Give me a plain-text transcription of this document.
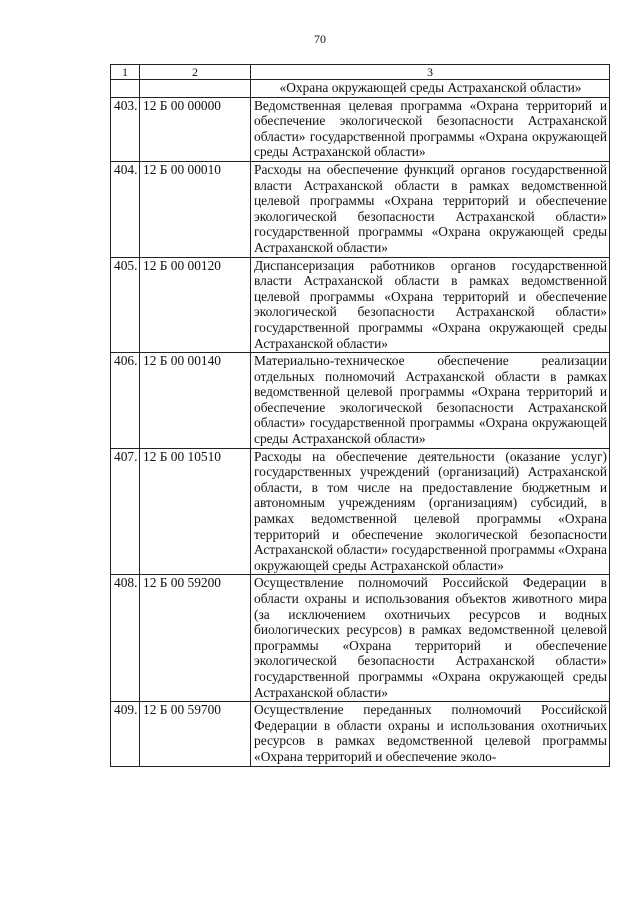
70
1	2	3
		«Охрана окружающей среды Астраханской области»
403.	12 Б 00 00000	Ведомственная целевая программа «Охрана территорий и обеспечение экологической безопасности Астраханской области» государственной программы «Охрана окружающей среды Астраханской области»
404.	12 Б 00 00010	Расходы на обеспечение функций органов государственной власти Астраханской области в рамках ведомственной целевой программы «Охрана территорий и обеспечение экологической безопасности Астраханской области» государственной программы «Охрана окружающей среды Астраханской области»
405.	12 Б 00 00120	Диспансеризация работников органов государственной власти Астраханской области в рамках ведомственной целевой программы «Охрана территорий и обеспечение экологической безопасности Астраханской области» государственной программы «Охрана окружающей среды Астраханской области»
406.	12 Б 00 00140	Материально-техническое обеспечение реализации отдельных полномочий Астраханской области в рамках ведомственной целевой программы «Охрана территорий и обеспечение экологической безопасности Астраханской области» государственной программы «Охрана окружающей среды Астраханской области»
407.	12 Б 00 10510	Расходы на обеспечение деятельности (оказание услуг) государственных учреждений (организаций) Астраханской области, в том числе на предоставление бюджетным и автономным учреждениям (организациям) субсидий, в рамках ведомственной целевой программы «Охрана территорий и обеспечение экологической безопасности Астраханской области» государственной программы «Охрана окружающей среды Астраханской области»
408.	12 Б 00 59200	Осуществление полномочий Российской Федерации в области охраны и использования объектов животного мира (за исключением охотничьих ресурсов и водных биологических ресурсов) в рамках ведомственной целевой программы «Охрана территорий и обеспечение экологической безопасности Астраханской области» государственной программы «Охрана окружающей среды Астраханской области»
409.	12 Б 00 59700	Осуществление переданных полномочий Российской Федерации в области охраны и использования охотничьих ресурсов в рамках ведомственной целевой программы «Охрана территорий и обеспечение эколо-
